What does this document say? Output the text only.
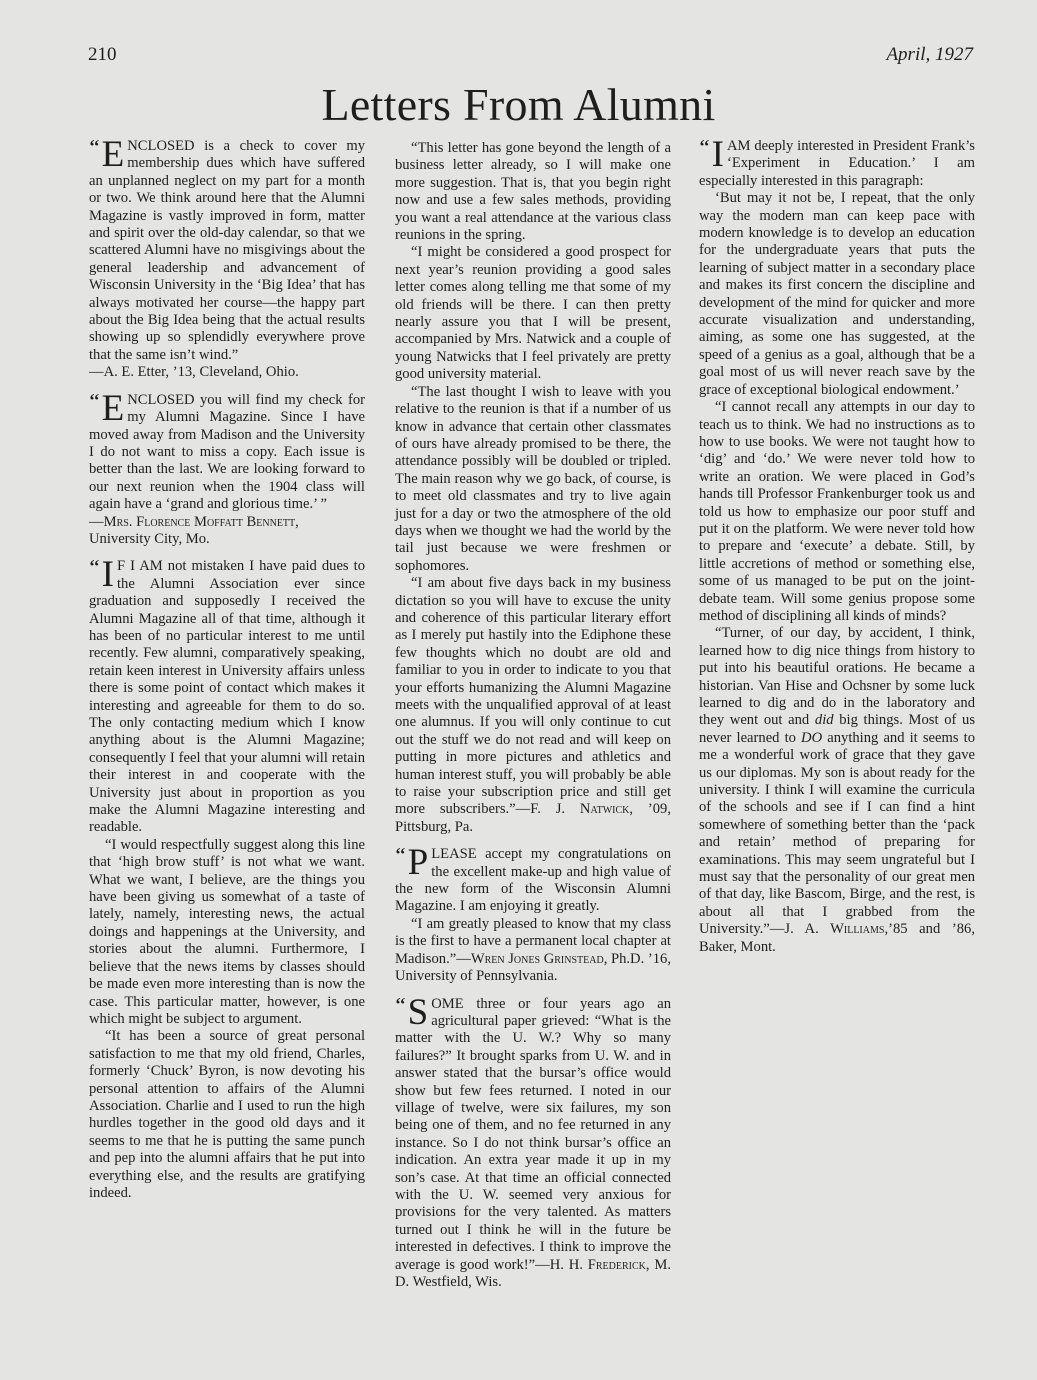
210	April, 1927
Letters From Alumni

‘‘ E NCLOSED is a check to cover my membership dues which have suffered an unplanned neglect on my part for a month or two. We think around here that the Alumni Magazine is vastly improved in form, matter and spirit over the old-day calendar, so that we scattered Alumni have no misgivings about the general leadership and advancement of Wisconsin University in the ‘Big Idea’ that has always motivated her course—the happy part about the Big Idea being that the actual results showing up so splendidly everywhere prove that the same isn’t wind.”

—A. E. Etter, ’13, Cleveland, Ohio.

‘‘ E NCLOSED you will find my check for my Alumni Magazine. Since I have moved away from Madison and the University I do not want to miss a copy. Each issue is better than the last. We are looking forward to our next reunion when the 1904 class will again have a ‘grand and glorious time.’ ”

—Mrs. Florence Moffatt Bennett,
University City, Mo.

‘‘ I F I AM not mistaken I have paid dues to the Alumni Association ever since graduation and supposedly I received the Alumni Magazine all of that time, although it has been of no particular interest to me until recently. Few alumni, comparatively speaking, retain keen interest in University affairs unless there is some point of contact which makes it interesting and agreeable for them to do so. The only contacting medium which I know anything about is the Alumni Magazine; consequently I feel that your alumni will retain their interest in and cooperate with the University just about in proportion as you make the Alumni Magazine interesting and readable.

“I would respectfully suggest along this line that ‘high brow stuff’ is not what we want. What we want, I believe, are the things you have been giving us somewhat of a taste of lately, namely, interesting news, the actual doings and happenings at the University, and stories about the alumni. Furthermore, I believe that the news items by classes should be made even more interesting than is now the case. This particular matter, however, is one which might be subject to argument.

“It has been a source of great personal satisfaction to me that my old friend, Charles, formerly ‘Chuck’ Byron, is now devoting his personal attention to affairs of the Alumni Association. Charlie and I used to run the high hurdles together in the good old days and it seems to me that he is putting the same punch and pep into the alumni affairs that he put into everything else, and the results are gratifying indeed.

“This letter has gone beyond the length of a business letter already, so I will make one more suggestion. That is, that you begin right now and use a few sales methods, providing you want a real attendance at the various class reunions in the spring.

“I might be considered a good prospect for next year’s reunion providing a good sales letter comes along telling me that some of my old friends will be there. I can then pretty nearly assure you that I will be present, accompanied by Mrs. Natwick and a couple of young Natwicks that I feel privately are pretty good university material.

“The last thought I wish to leave with you relative to the reunion is that if a number of us know in advance that certain other classmates of ours have already promised to be there, the attendance possibly will be doubled or tripled. The main reason why we go back, of course, is to meet old classmates and try to live again just for a day or two the atmosphere of the old days when we thought we had the world by the tail just because we were freshmen or sophomores.

“I am about five days back in my business dictation so you will have to excuse the unity and coherence of this particular literary effort as I merely put hastily into the Ediphone these few thoughts which no doubt are old and familiar to you in order to indicate to you that your efforts humanizing the Alumni Magazine meets with the unqualified approval of at least one alumnus. If you will only continue to cut out the stuff we do not read and will keep on putting in more pictures and athletics and human interest stuff, you will probably be able to raise your subscription price and still get more subscribers.”—F. J. Natwick, ’09, Pittsburg, Pa.

‘‘ P LEASE accept my congratulations on the excellent make-up and high value of the new form of the Wisconsin Alumni Magazine. I am enjoying it greatly.

“I am greatly pleased to know that my class is the first to have a permanent local chapter at Madison.”—Wren Jones Grinstead, Ph.D. ’16, University of Pennsylvania.

‘‘ S OME three or four years ago an agricultural paper grieved: “What is the matter with the U. W.? Why so many failures?” It brought sparks from U. W. and in answer stated that the bursar’s office would show but few fees returned. I noted in our village of twelve, were six failures, my son being one of them, and no fee returned in any instance. So I do not think bursar’s office an indication. An extra year made it up in my son’s case. At that time an official connected with the U. W. seemed very anxious for provisions for the very talented. As matters turned out I think he will in the future be interested in defectives. I think to improve the average is good work!”—H. H. Frederick, M. D. Westfield, Wis.

‘‘ I AM deeply interested in President Frank’s ‘Experiment in Education.’ I am especially interested in this paragraph:

‘But may it not be, I repeat, that the only way the modern man can keep pace with modern knowledge is to develop an education for the undergraduate years that puts the learning of subject matter in a secondary place and makes its first concern the discipline and development of the mind for quicker and more accurate visualization and understanding, aiming, as some one has suggested, at the speed of a genius as a goal, although that be a goal most of us will never reach save by the grace of exceptional biological endowment.’

“I cannot recall any attempts in our day to teach us to think. We had no instructions as to how to use books. We were not taught how to ‘dig’ and ‘do.’ We were never told how to write an oration. We were placed in God’s hands till Professor Frankenburger took us and told us how to emphasize our poor stuff and put it on the platform. We were never told how to prepare and ‘execute’ a debate. Still, by little accretions of method or something else, some of us managed to be put on the joint-debate team. Will some genius propose some method of disciplining all kinds of minds?

“Turner, of our day, by accident, I think, learned how to dig nice things from history to put into his beautiful orations. He became a historian. Van Hise and Ochsner by some luck learned to dig and do in the laboratory and they went out and did big things. Most of us never learned to DO anything and it seems to me a wonderful work of grace that they gave us our diplomas. My son is about ready for the university. I think I will examine the curricula of the schools and see if I can find a hint somewhere of something better than the ‘pack and retain’ method of preparing for examinations. This may seem ungrateful but I must say that the personality of our great men of that day, like Bascom, Birge, and the rest, is about all that I grabbed from the University.”—J. A. Williams,’85 and ’86, Baker, Mont.
